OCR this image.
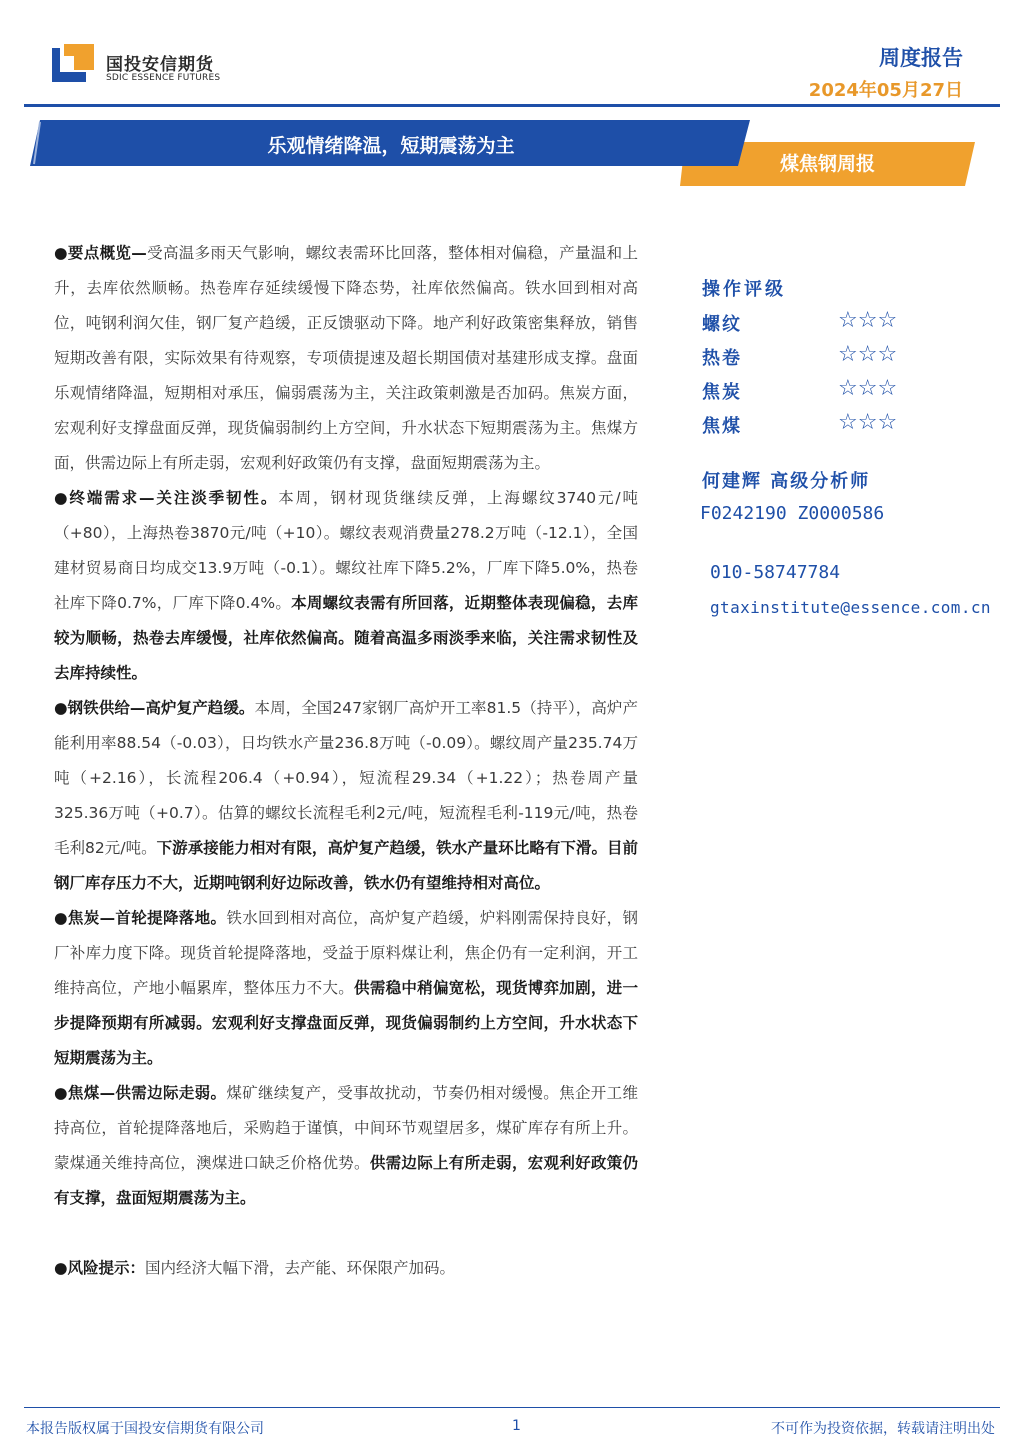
国投安信期货
SDIC ESSENCE FUTURES
周度报告
2024年05月27日
乐观情绪降温，短期震荡为主
煤焦钢周报

●要点概览—受高温多雨天气影响，螺纹表需环比回落，整体相对偏稳，产量温和上升，去库依然顺畅。热卷库存延续缓慢下降态势，社库依然偏高。铁水回到相对高位，吨钢利润欠佳，钢厂复产趋缓，正反馈驱动下降。地产利好政策密集释放，销售短期改善有限，实际效果有待观察，专项债提速及超长期国债对基建形成支撑。盘面乐观情绪降温，短期相对承压，偏弱震荡为主，关注政策刺激是否加码。焦炭方面，宏观利好支撑盘面反弹，现货偏弱制约上方空间，升水状态下短期震荡为主。焦煤方面，供需边际上有所走弱，宏观利好政策仍有支撑，盘面短期震荡为主。

●终端需求—关注淡季韧性。本周，钢材现货继续反弹，上海螺纹3740元/吨（+80），上海热卷3870元/吨（+10）。螺纹表观消费量278.2万吨（-12.1），全国建材贸易商日均成交13.9万吨（-0.1）。螺纹社库下降5.2%，厂库下降5.0%，热卷社库下降0.7%，厂库下降0.4%。本周螺纹表需有所回落，近期整体表现偏稳，去库较为顺畅，热卷去库缓慢，社库依然偏高。随着高温多雨淡季来临，关注需求韧性及去库持续性。

●钢铁供给—高炉复产趋缓。本周，全国247家钢厂高炉开工率81.5（持平），高炉产能利用率88.54（-0.03），日均铁水产量236.8万吨（-0.09）。螺纹周产量235.74万吨（+2.16），长流程206.4（+0.94），短流程29.34（+1.22）；热卷周产量325.36万吨（+0.7）。估算的螺纹长流程毛利2元/吨，短流程毛利-119元/吨，热卷毛利82元/吨。下游承接能力相对有限，高炉复产趋缓，铁水产量环比略有下滑。目前钢厂库存压力不大，近期吨钢利好边际改善，铁水仍有望维持相对高位。

●焦炭—首轮提降落地。铁水回到相对高位，高炉复产趋缓，炉料刚需保持良好，钢厂补库力度下降。现货首轮提降落地，受益于原料煤让利，焦企仍有一定利润，开工维持高位，产地小幅累库，整体压力不大。供需稳中稍偏宽松，现货博弈加剧，进一步提降预期有所减弱。宏观利好支撑盘面反弹，现货偏弱制约上方空间，升水状态下短期震荡为主。

●焦煤—供需边际走弱。煤矿继续复产，受事故扰动，节奏仍相对缓慢。焦企开工维持高位，首轮提降落地后，采购趋于谨慎，中间环节观望居多，煤矿库存有所上升。蒙煤通关维持高位，澳煤进口缺乏价格优势。供需边际上有所走弱，宏观利好政策仍有支撑，盘面短期震荡为主。

●风险提示：国内经济大幅下滑，去产能、环保限产加码。

操作评级
螺纹	☆☆☆
热卷	☆☆☆
焦炭	☆☆☆
焦煤	☆☆☆
何建辉 高级分析师
F0242190 Z0000586
010-58747784
gtaxinstitute@essence.com.cn
本报告版权属于国投安信期货有限公司	1	不可作为投资依据，转载请注明出处
